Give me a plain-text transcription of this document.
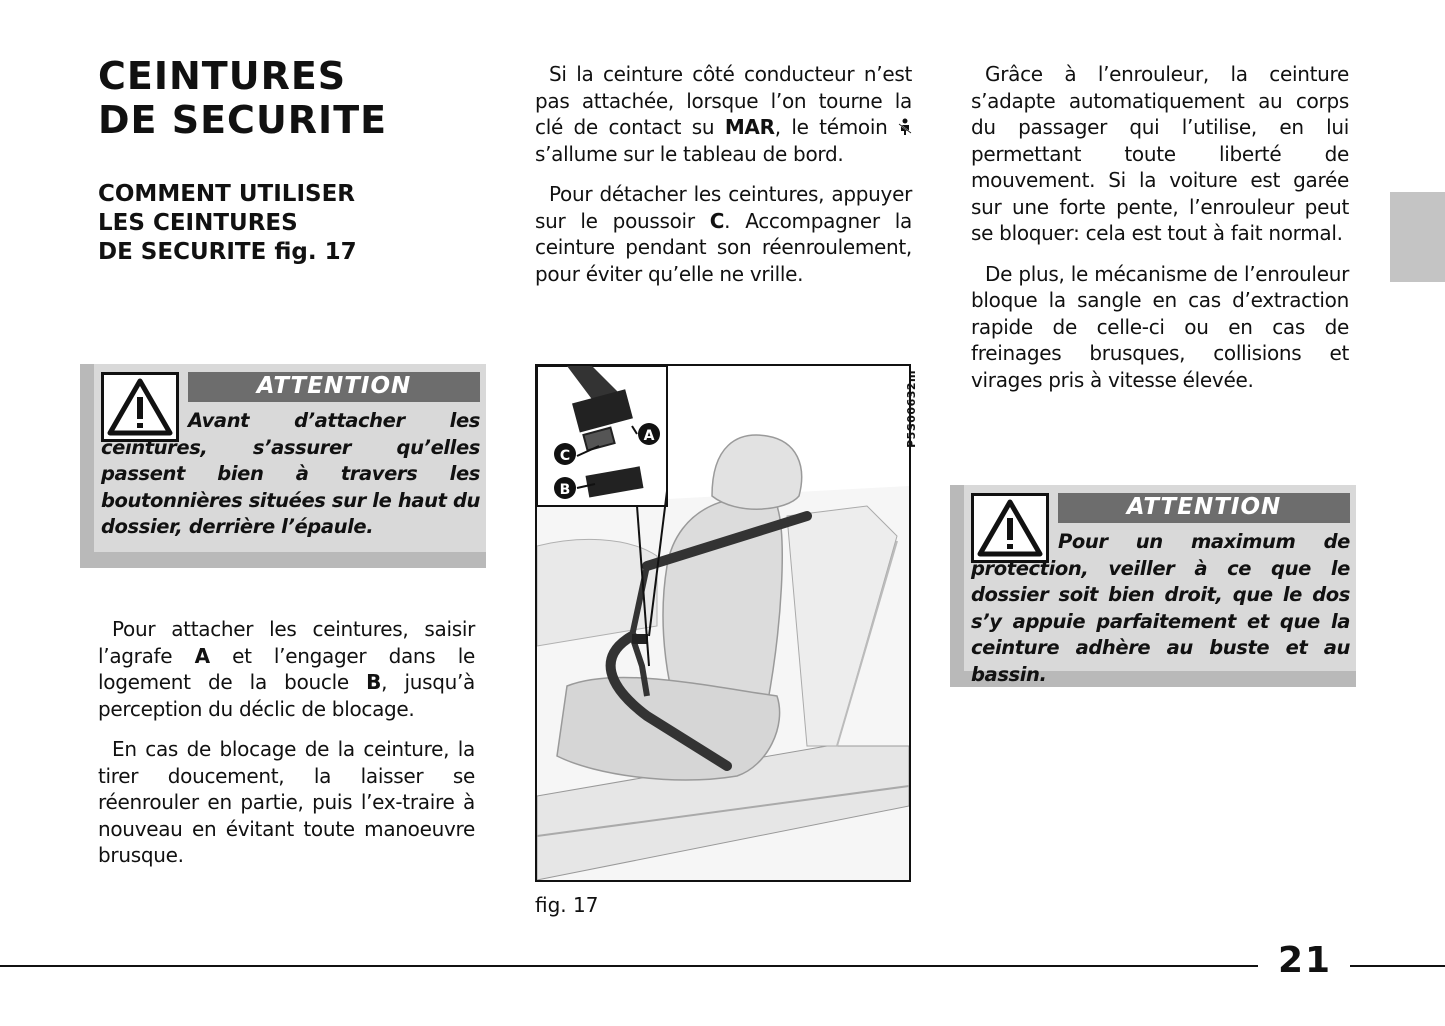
CEINTURES
DE SECURITE
COMMENT UTILISER
LES CEINTURES
DE SECURITE fig. 17
ATTENTION
Avant d’attacher les ceintures, s’assurer qu’elles passent bien à travers les boutonnières situées sur le haut du dossier, derrière l’épaule.

Pour attacher les ceintures, saisir l’agrafe A et l’engager dans le logement de la boucle B, jusqu’à perception du déclic de blocage.

En cas de blocage de la ceinture, la tirer doucement, la laisser se réenrouler en partie, puis l’ex-traire à nouveau en évitant toute manoeuvre brusque.

Si la ceinture côté conducteur n’est pas attachée, lorsque l’on tourne la clé de contact su MAR, le témoin  s’allume sur le tableau de bord.

Pour détacher les ceintures, appuyer sur le poussoir C. Accompagner la ceinture pendant son réenroulement, pour éviter qu’elle ne vrille.

A
C
B
P5S00632m
fig. 17

Grâce à l’enrouleur, la ceinture s’adapte automatiquement au corps du passager qui l’utilise, en lui permettant toute liberté de mouvement. Si la voiture est garée sur une forte pente, l’enrouleur peut se bloquer: cela est tout à fait normal.

De plus, le mécanisme de l’enrouleur bloque la sangle en cas d’extraction rapide de celle-ci ou en cas de freinages brusques, collisions et virages pris à vitesse élevée.

ATTENTION
Pour un maximum de protection, veiller à ce que le dossier soit bien droit, que le dos s’y appuie parfaitement et que la ceinture adhère au buste et au bassin.
21
